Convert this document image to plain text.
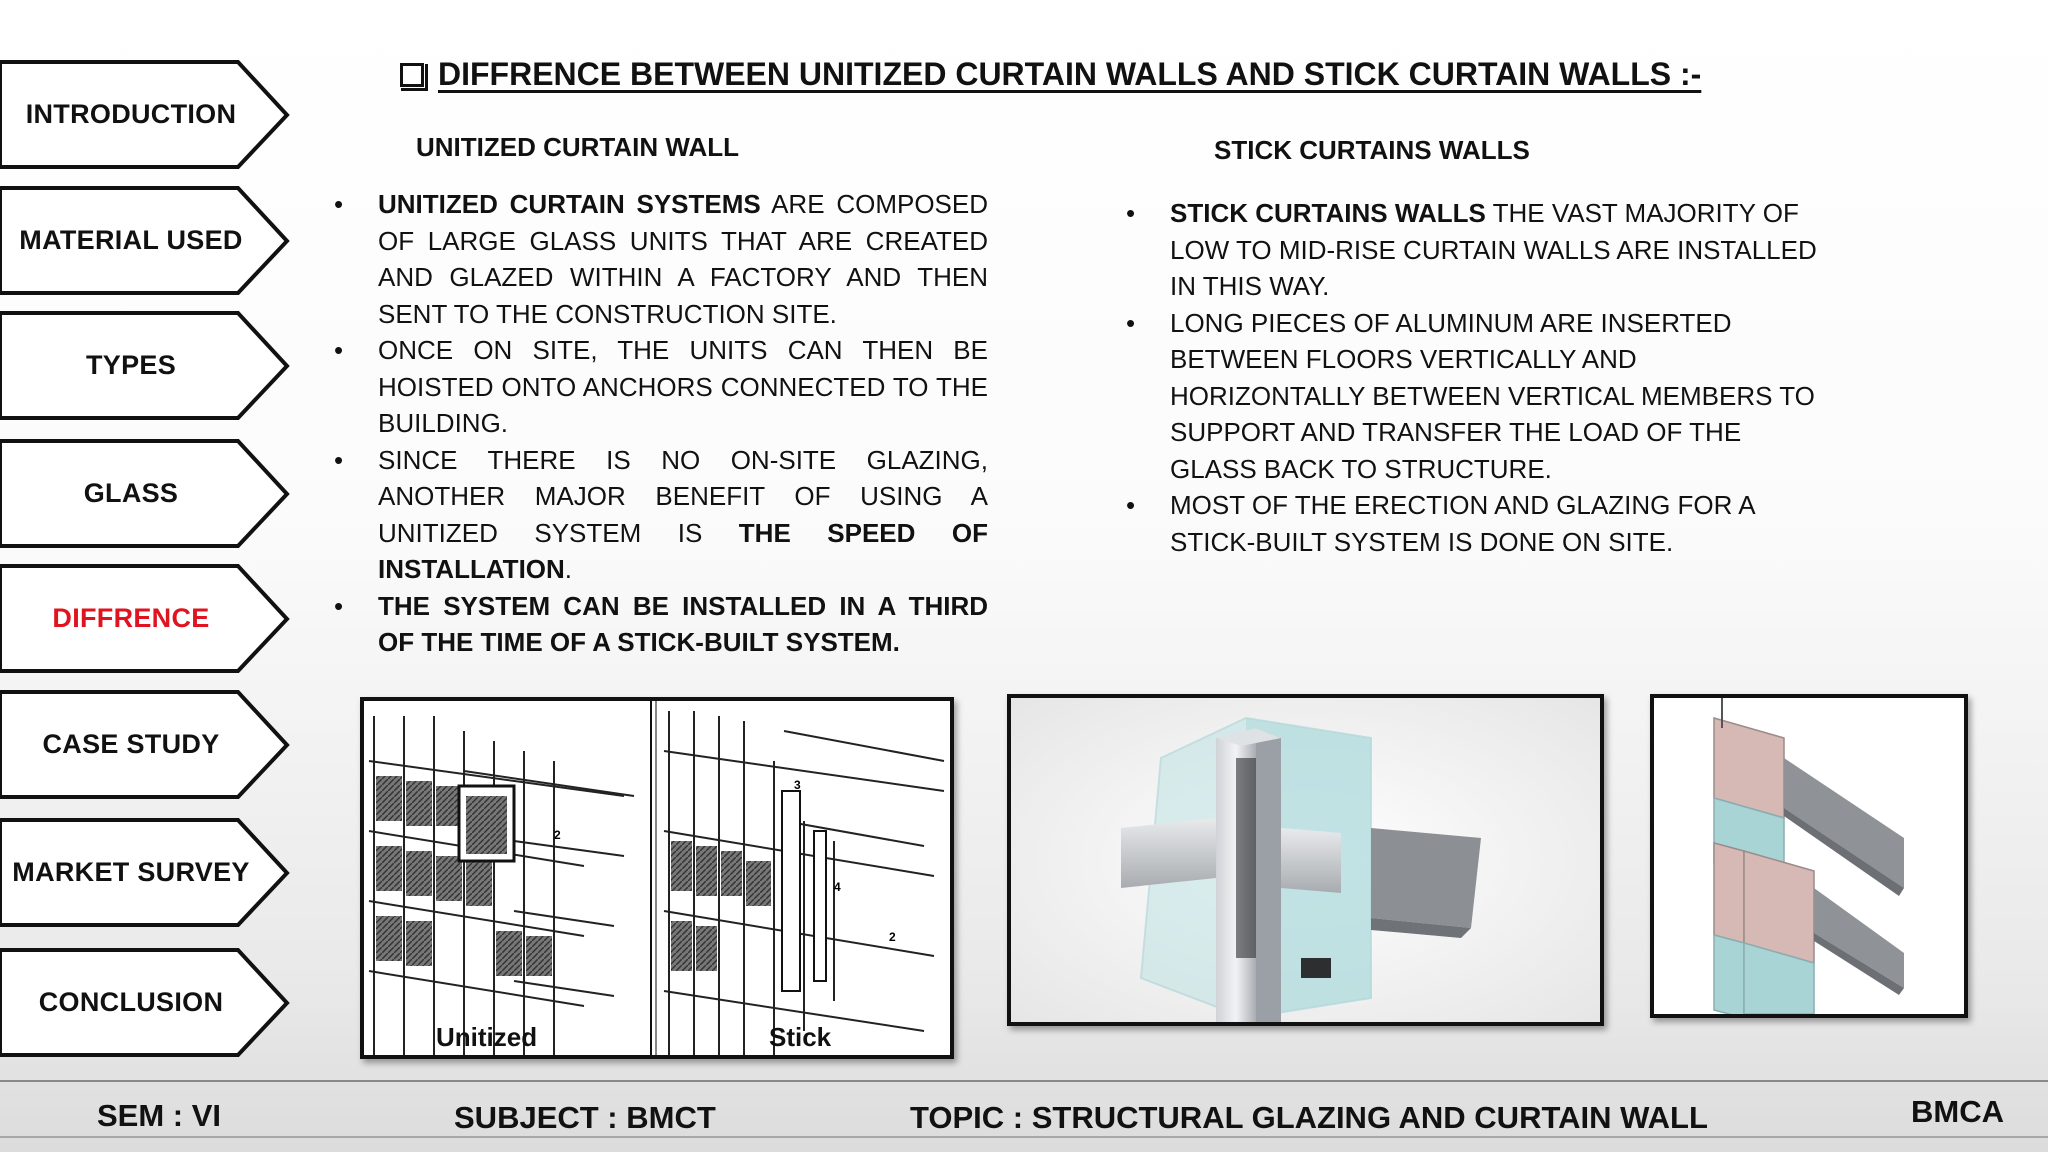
INTRODUCTION
MATERIAL USED
TYPES
GLASS
DIFFRENCE
CASE STUDY
MARKET SURVEY
CONCLUSION
DIFFRENCE BETWEEN UNITIZED CURTAIN WALLS AND STICK CURTAIN WALLS :-
UNITIZED CURTAIN WALL	STICK CURTAINS WALLS
• UNITIZED CURTAIN SYSTEMS ARE COMPOSED OF LARGE GLASS UNITS THAT ARE CREATED AND GLAZED WITHIN A FACTORY AND THEN SENT TO THE CONSTRUCTION SITE.
• ONCE ON SITE, THE UNITS CAN THEN BE HOISTED ONTO ANCHORS CONNECTED TO THE BUILDING.
• SINCE THERE IS NO ON-SITE GLAZING, ANOTHER MAJOR BENEFIT OF USING A UNITIZED SYSTEM IS THE SPEED OF INSTALLATION.
• THE SYSTEM CAN BE INSTALLED IN A THIRD OF THE TIME OF A STICK-BUILT SYSTEM.
• STICK CURTAINS WALLS THE VAST MAJORITY OF LOW TO MID-RISE CURTAIN WALLS ARE INSTALLED IN THIS WAY.
• LONG PIECES OF ALUMINUM ARE INSERTED BETWEEN FLOORS VERTICALLY AND HORIZONTALLY BETWEEN VERTICAL MEMBERS TO SUPPORT AND TRANSFER THE LOAD OF THE GLASS BACK TO STRUCTURE.
• MOST OF THE ERECTION AND GLAZING FOR A STICK-BUILT SYSTEM IS DONE ON SITE.
2
3
4
2
Unitized	Stick
SEM : VI	SUBJECT : BMCT	TOPIC : STRUCTURAL GLAZING AND CURTAIN WALL	BMCA
